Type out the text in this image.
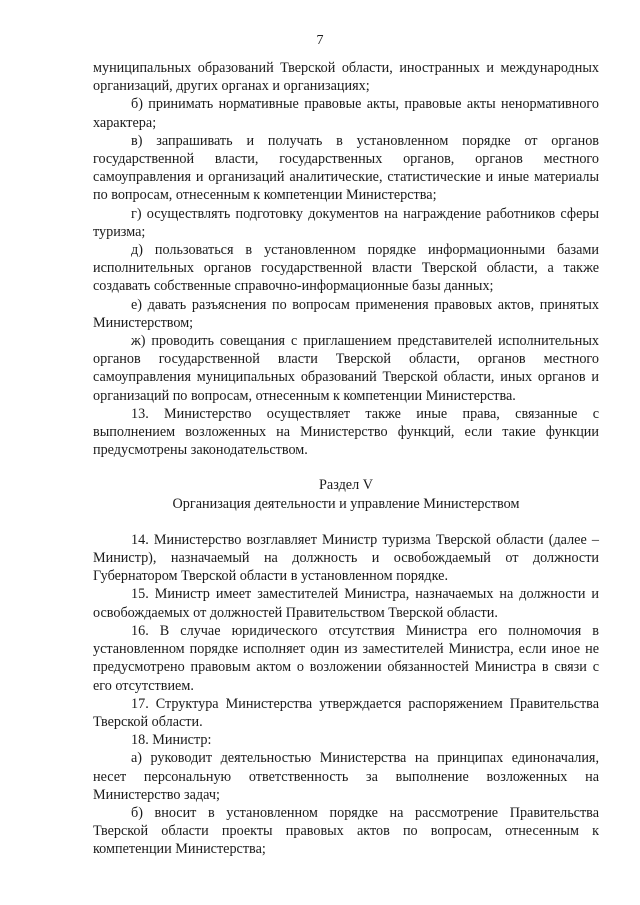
7

муниципальных образований Тверской области, иностранных и международных организаций, других органах и организациях;

б) принимать нормативные правовые акты, правовые акты ненормативного характера;

в) запрашивать и получать в установленном порядке от органов государственной власти, государственных органов, органов местного самоуправления и организаций аналитические, статистические и иные материалы по вопросам, отнесенным к компетенции Министерства;

г) осуществлять подготовку документов на награждение работников сферы туризма;

д) пользоваться в установленном порядке информационными базами исполнительных органов государственной власти Тверской области, а также создавать собственные справочно-информационные базы данных;

е) давать разъяснения по вопросам применения правовых актов, принятых Министерством;

ж) проводить совещания с приглашением представителей исполнительных органов государственной власти Тверской области, органов местного самоуправления муниципальных образований Тверской области, иных органов и организаций по вопросам, отнесенным к компетенции Министерства.

13. Министерство осуществляет также иные права, связанные с выполнением возложенных на Министерство функций, если такие функции предусмотрены законодательством.

Раздел V

Организация деятельности и управление Министерством

14. Министерство возглавляет Министр туризма Тверской области (далее – Министр), назначаемый на должность и освобождаемый от должности Губернатором Тверской области в установленном порядке.

15. Министр имеет заместителей Министра, назначаемых на должности и освобождаемых от должностей Правительством Тверской области.

16. В случае юридического отсутствия Министра его полномочия в установленном порядке исполняет один из заместителей Министра, если иное не предусмотрено правовым актом о возложении обязанностей Министра в связи с его отсутствием.

17. Структура Министерства утверждается распоряжением Правительства Тверской области.

18. Министр:

а) руководит деятельностью Министерства на принципах единоначалия, несет персональную ответственность за выполнение возложенных на Министерство задач;

б) вносит в установленном порядке на рассмотрение Правительства Тверской области проекты правовых актов по вопросам, отнесенным к компетенции Министерства;
